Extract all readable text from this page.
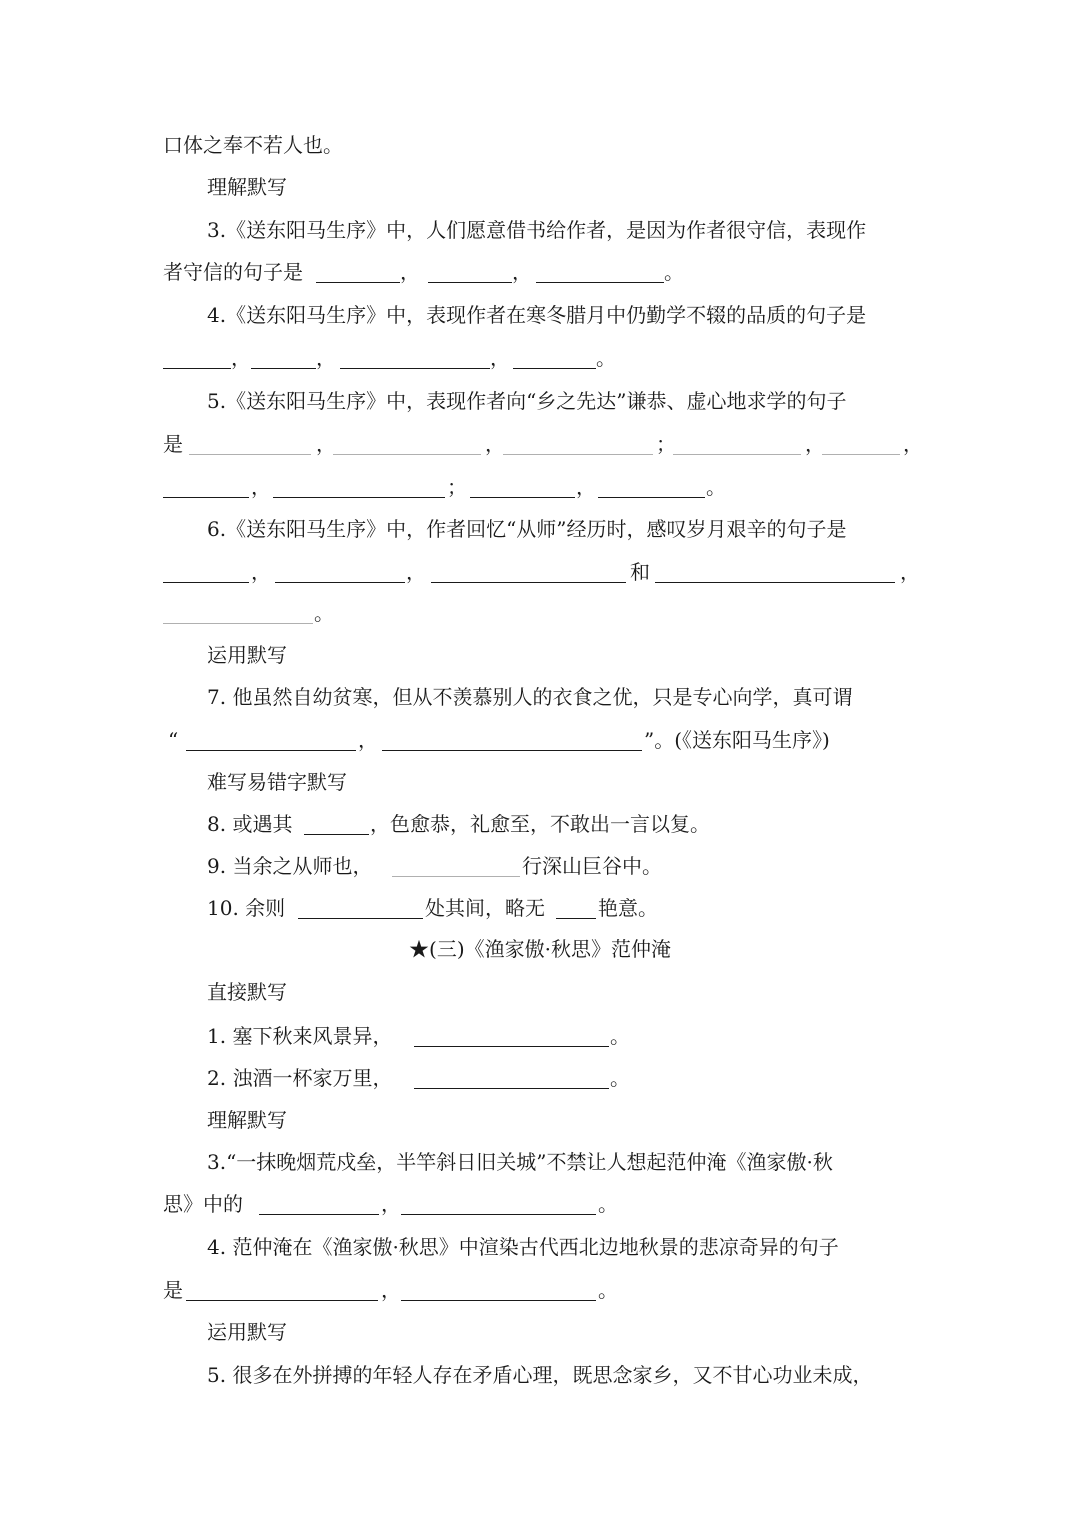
口体之奉不若人也。
理解默写
3.《送东阳马生序》中，人们愿意借书给作者，是因为作者很守信，表现作
者守信的句子是	，	，	。
4.《送东阳马生序》中，表现作者在寒冬腊月中仍勤学不辍的品质的句子是
，	，	，	。
5.《送东阳马生序》中，表现作者向“乡之先达”谦恭、虚心地求学的句子
是	，	，	；	，	，
，	；	，	。
6.《送东阳马生序》中，作者回忆“从师”经历时，感叹岁月艰辛的句子是
，	，	和	，
。
运用默写
7. 他虽然自幼贫寒，但从不羡慕别人的衣食之优，只是专心向学，真可谓
“	，	”。(《送东阳马生序》)
难写易错字默写
8. 或遇其	，色愈恭，礼愈至，不敢出一言以复。
9. 当余之从师也，	行深山巨谷中。
10. 余则	处其间，略无	艳意。
★(三)《渔家傲·秋思》范仲淹
直接默写
1. 塞下秋来风景异，	。
2. 浊酒一杯家万里，	。
理解默写
3.“一抹晚烟荒戍垒，半竿斜日旧关城”不禁让人想起范仲淹《渔家傲·秋
思》中的	，	。
4. 范仲淹在《渔家傲·秋思》中渲染古代西北边地秋景的悲凉奇异的句子
是	，	。
运用默写
5. 很多在外拼搏的年轻人存在矛盾心理，既思念家乡，又不甘心功业未成，
